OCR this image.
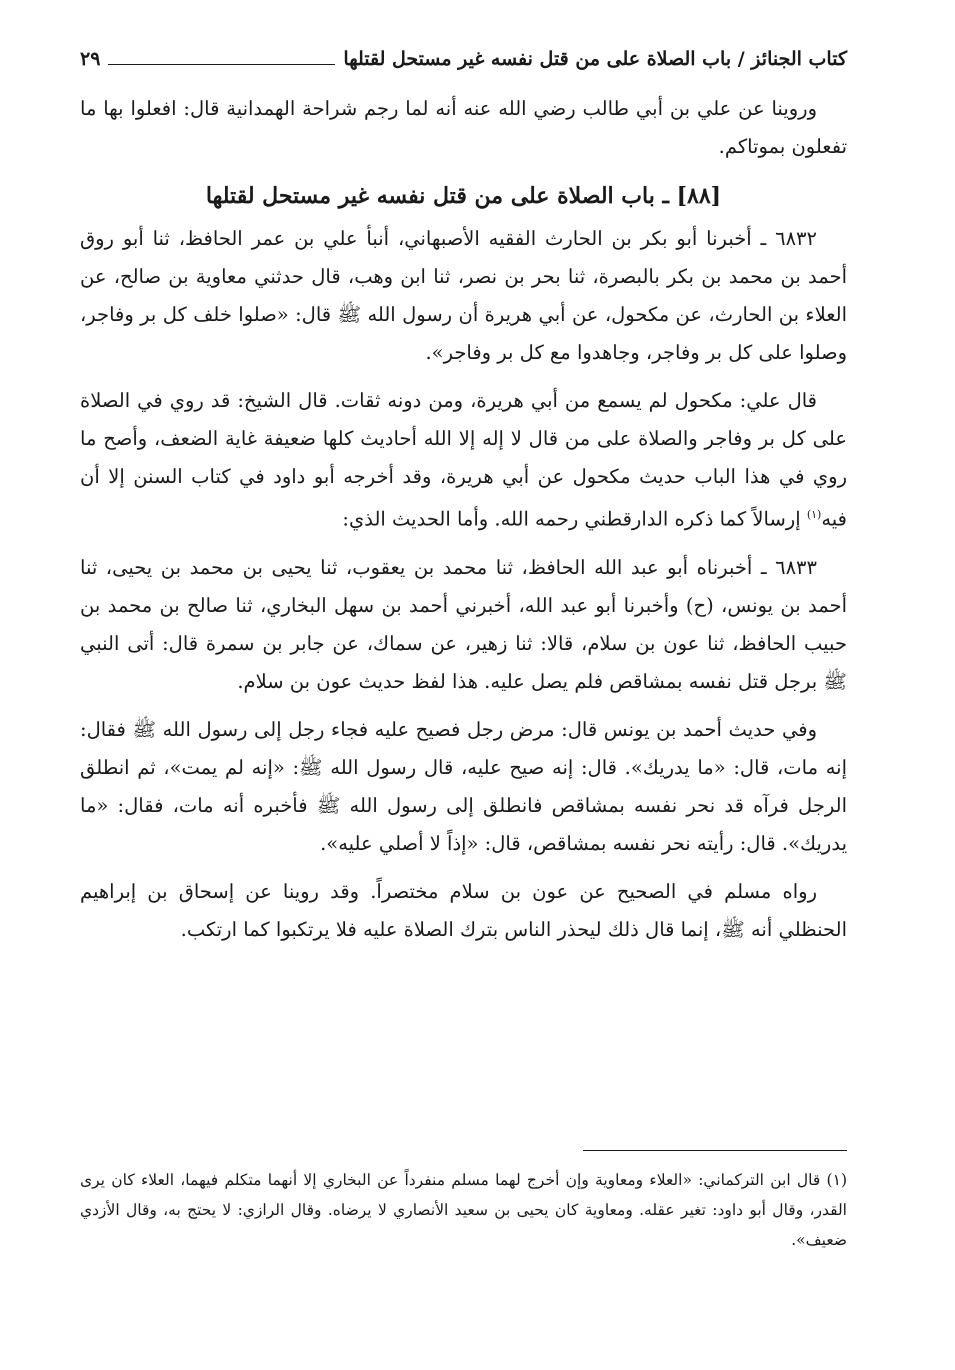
كتاب الجنائز / باب الصلاة على من قتل نفسه غير مستحل لقتلها
٢٩

وروينا عن علي بن أبي طالب رضي الله عنه أنه لما رجم شراحة الهمدانية قال: افعلوا بها ما تفعلون بموتاكم.

[٨٨] ـ باب الصلاة على من قتل نفسه غير مستحل لقتلها

٦٨٣٢ ـ أخبرنا أبو بكر بن الحارث الفقيه الأصبهاني، أنبأ علي بن عمر الحافظ، ثنا أبو روق أحمد بن محمد بن بكر بالبصرة، ثنا بحر بن نصر، ثنا ابن وهب، قال حدثني معاوية بن صالح، عن العلاء بن الحارث، عن مكحول، عن أبي هريرة أن رسول الله ﷺ قال: «صلوا خلف كل بر وفاجر، وصلوا على كل بر وفاجر، وجاهدوا مع كل بر وفاجر».

قال علي: مكحول لم يسمع من أبي هريرة، ومن دونه ثقات. قال الشيخ: قد روي في الصلاة على كل بر وفاجر والصلاة على من قال لا إله إلا الله أحاديث كلها ضعيفة غاية الضعف، وأصح ما روي في هذا الباب حديث مكحول عن أبي هريرة، وقد أخرجه أبو داود في كتاب السنن إلا أن فيه$^{(١)}$ إرسالاً كما ذكره الدارقطني رحمه الله. وأما الحديث الذي:

٦٨٣٣ ـ أخبرناه أبو عبد الله الحافظ، ثنا محمد بن يعقوب، ثنا يحيى بن محمد بن يحيى، ثنا أحمد بن يونس، (ح) وأخبرنا أبو عبد الله، أخبرني أحمد بن سهل البخاري، ثنا صالح بن محمد بن حبيب الحافظ، ثنا عون بن سلام، قالا: ثنا زهير، عن سماك، عن جابر بن سمرة قال: أتى النبي ﷺ برجل قتل نفسه بمشاقص فلم يصل عليه. هذا لفظ حديث عون بن سلام.

وفي حديث أحمد بن يونس قال: مرض رجل فصيح عليه فجاء رجل إلى رسول الله ﷺ فقال: إنه مات، قال: «ما يدريك». قال: إنه صيح عليه، قال رسول الله ﷺ: «إنه لم يمت»، ثم انطلق الرجل فرآه قد نحر نفسه بمشاقص فانطلق إلى رسول الله ﷺ فأخبره أنه مات، فقال: «ما يدريك». قال: رأيته نحر نفسه بمشاقص، قال: «إذاً لا أصلي عليه».

رواه مسلم في الصحيح عن عون بن سلام مختصراً. وقد روينا عن إسحاق بن إبراهيم الحنظلي أنه ﷺ، إنما قال ذلك ليحذر الناس بترك الصلاة عليه فلا يرتكبوا كما ارتكب.

(١) قال ابن التركماني: «العلاء ومعاوية وإن أخرج لهما مسلم منفرداً عن البخاري إلا أنهما متكلم فيهما، العلاء كان يرى القدر، وقال أبو داود: تغير عقله. ومعاوية كان يحيى بن سعيد الأنصاري لا يرضاه. وقال الرازي: لا يحتج به، وقال الأزدي ضعيف».
